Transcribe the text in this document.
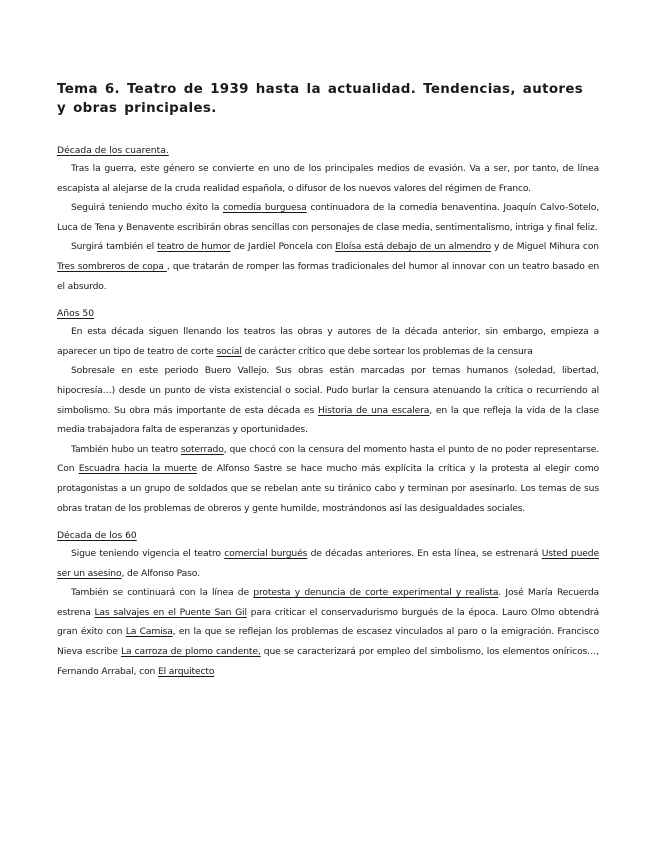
Tema 6. Teatro de 1939 hasta la actualidad. Tendencias, autores y obras principales.
Década de los cuarenta.

Tras la guerra, este género se convierte en uno de los principales medios de evasión. Va a ser, por tanto, de línea escapista al alejarse de la cruda realidad española, o difusor de los nuevos valores del régimen de Franco.

Seguirá teniendo mucho éxito la comedia burguesa continuadora de la comedia benaventina. Joaquín Calvo-Sotelo, Luca de Tena y Benavente escribirán obras sencillas con personajes de clase media, sentimentalismo, intriga y final feliz.

Surgirá también el teatro de humor de Jardiel Poncela con Eloísa está debajo de un almendro y de Miguel Mihura con Tres sombreros de copa , que tratarán de romper las formas tradicionales del humor al innovar con un teatro basado en el absurdo.

Años 50

En esta década siguen llenando los teatros las obras y autores de la década anterior, sin embargo, empieza a aparecer un tipo de teatro de corte social de carácter crítico que debe sortear los problemas de la censura

Sobresale en este periodo Buero Vallejo. Sus obras están marcadas por temas humanos (soledad, libertad, hipocresía…) desde un punto de vista existencial o social. Pudo burlar la censura atenuando la crítica o recurriendo al simbolismo. Su obra más importante de esta década es Historia de una escalera, en la que refleja la vida de la clase media trabajadora falta de esperanzas y oportunidades.

También hubo un teatro soterrado, que chocó con la censura del momento hasta el punto de no poder representarse. Con Escuadra hacia la muerte de Alfonso Sastre se hace mucho más explícita la crítica y la protesta al elegir como protagonistas a un grupo de soldados que se rebelan ante su tiránico cabo y terminan por asesinarlo. Los temas de sus obras tratan de los problemas de obreros y gente humilde, mostrándonos así las desigualdades sociales.

Década de los 60

Sigue teniendo vigencia el teatro comercial burgués de décadas anteriores. En esta línea, se estrenará Usted puede ser un asesino, de Alfonso Paso.

También se continuará con la línea de protesta y denuncia de corte experimental y realista. José María Recuerda estrena Las salvajes en el Puente San Gil para criticar el conservadurismo burgués de la época. Lauro Olmo obtendrá gran éxito con La Camisa, en la que se reflejan los problemas de escasez vinculados al paro o la emigración. Francisco Nieva escribe La carroza de plomo candente, que se caracterizará por empleo del simbolismo, los elementos oníricos…, Fernando Arrabal, con El arquitecto
